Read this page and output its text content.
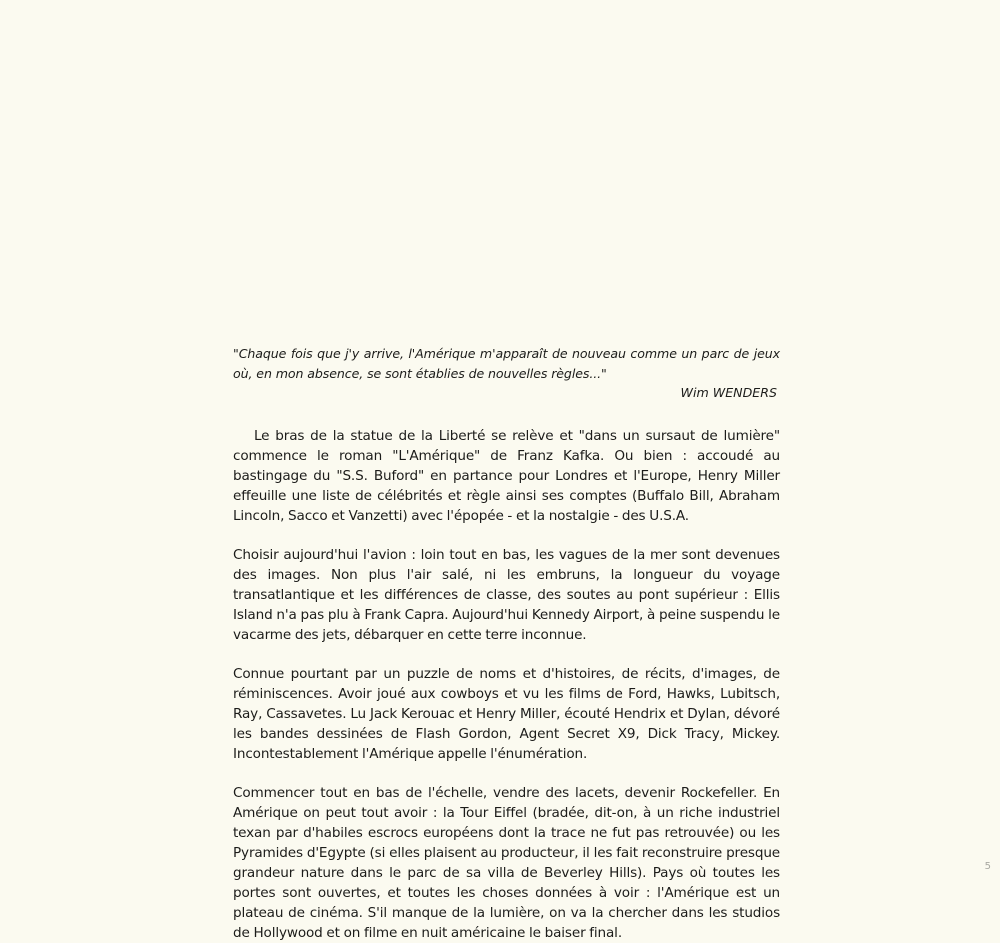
"Chaque fois que j'y arrive, l'Amérique m'apparaît de nouveau comme un parc de jeux où, en mon absence, se sont établies de nouvelles règles..."

Wim WENDERS

Le bras de la statue de la Liberté se relève et "dans un sursaut de lumière" commence le roman "L'Amérique" de Franz Kafka. Ou bien : accoudé au bastingage du "S.S. Buford" en partance pour Londres et l'Europe, Henry Miller effeuille une liste de célébrités et règle ainsi ses comptes (Buffalo Bill, Abraham Lincoln, Sacco et Vanzetti) avec l'épopée - et la nostalgie - des U.S.A.

Choisir aujourd'hui l'avion : loin tout en bas, les vagues de la mer sont devenues des images. Non plus l'air salé, ni les embruns, la longueur du voyage transatlantique et les différences de classe, des soutes au pont supérieur : Ellis Island n'a pas plu à Frank Capra. Aujourd'hui Kennedy Airport, à peine suspendu le vacarme des jets, débarquer en cette terre inconnue.

Connue pourtant par un puzzle de noms et d'histoires, de récits, d'images, de réminiscences. Avoir joué aux cowboys et vu les films de Ford, Hawks, Lubitsch, Ray, Cassavetes. Lu Jack Kerouac et Henry Miller, écouté Hendrix et Dylan, dévoré les bandes dessinées de Flash Gordon, Agent Secret X9, Dick Tracy, Mickey. Incontestablement l'Amérique appelle l'énumération.

Commencer tout en bas de l'échelle, vendre des lacets, devenir Rockefeller. En Amérique on peut tout avoir : la Tour Eiffel (bradée, dit-on, à un riche industriel texan par d'habiles escrocs européens dont la trace ne fut pas retrouvée) ou les Pyramides d'Egypte (si elles plaisent au producteur, il les fait reconstruire presque grandeur nature dans le parc de sa villa de Beverley Hills). Pays où toutes les portes sont ouvertes, et toutes les choses données à voir : l'Amérique est un plateau de cinéma. S'il manque de la lumière, on va la chercher dans les studios de Hollywood et on filme en nuit américaine le baiser final.

5
